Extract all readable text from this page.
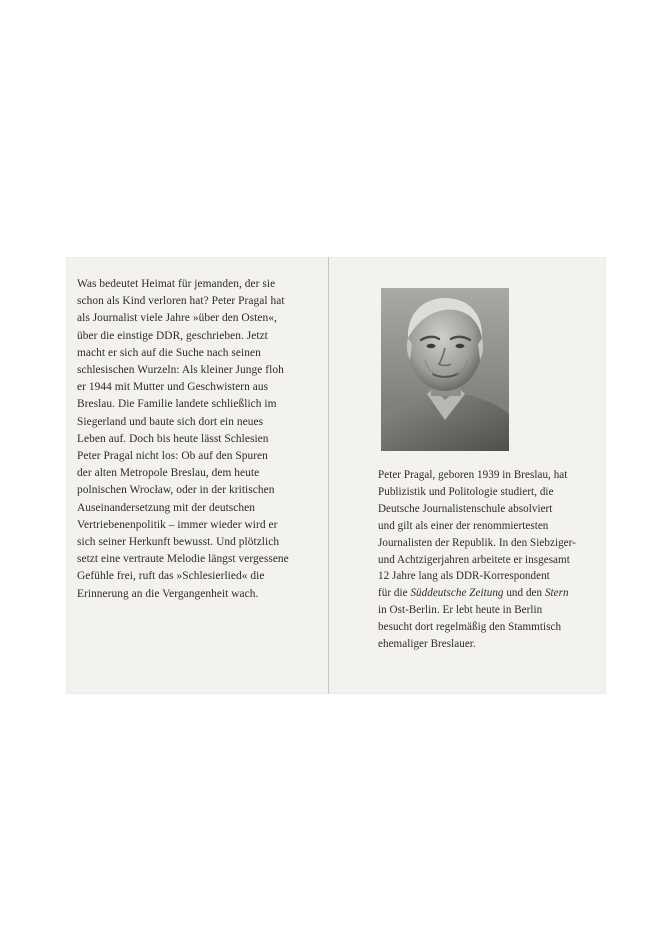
Was bedeutet Heimat für jemanden, der sie
schon als Kind verloren hat? Peter Pragal hat
als Journalist viele Jahre »über den Osten«,
über die einstige DDR, geschrieben. Jetzt
macht er sich auf die Suche nach seinen
schlesischen Wurzeln: Als kleiner Junge floh
er 1944 mit Mutter und Geschwistern aus
Breslau. Die Familie landete schließlich im
Siegerland und baute sich dort ein neues
Leben auf. Doch bis heute lässt Schlesien
Peter Pragal nicht los: Ob auf den Spuren
der alten Metropole Breslau, dem heute
polnischen Wrocław, oder in der kritischen
Auseinandersetzung mit der deutschen
Vertriebenenpolitik – immer wieder wird er
sich seiner Herkunft bewusst. Und plötzlich
setzt eine vertraute Melodie längst vergessene
Gefühle frei, ruft das »Schlesierlied« die
Erinnerung an die Vergangenheit wach.
Peter Pragal, geboren 1939 in Breslau, hat
Publizistik und Politologie studiert, die
Deutsche Journalistenschule absolviert
und gilt als einer der renommiertesten
Journalisten der Republik. In den Siebziger-
und Achtzigerjahren arbeitete er insgesamt
12 Jahre lang als DDR-Korrespondent
für die Süddeutsche Zeitung und den Stern
in Ost-Berlin. Er lebt heute in Berlin
besucht dort regelmäßig den Stammtisch
ehemaliger Breslauer.
